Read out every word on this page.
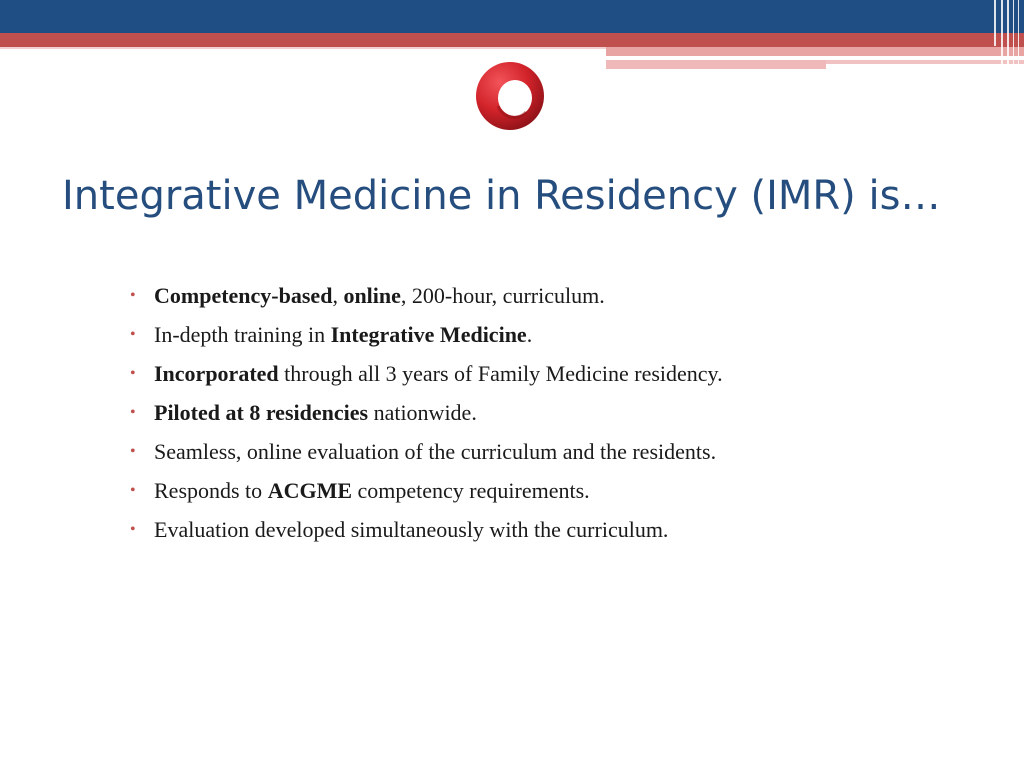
Integrative Medicine in Residency (IMR) is…
• Competency-based, online, 200-hour, curriculum.
• In-depth training in Integrative Medicine.
• Incorporated through all 3 years of Family Medicine residency.
• Piloted at 8 residencies nationwide.
• Seamless, online evaluation of the curriculum and the residents.
• Responds to ACGME competency requirements.
• Evaluation developed simultaneously with the curriculum.
